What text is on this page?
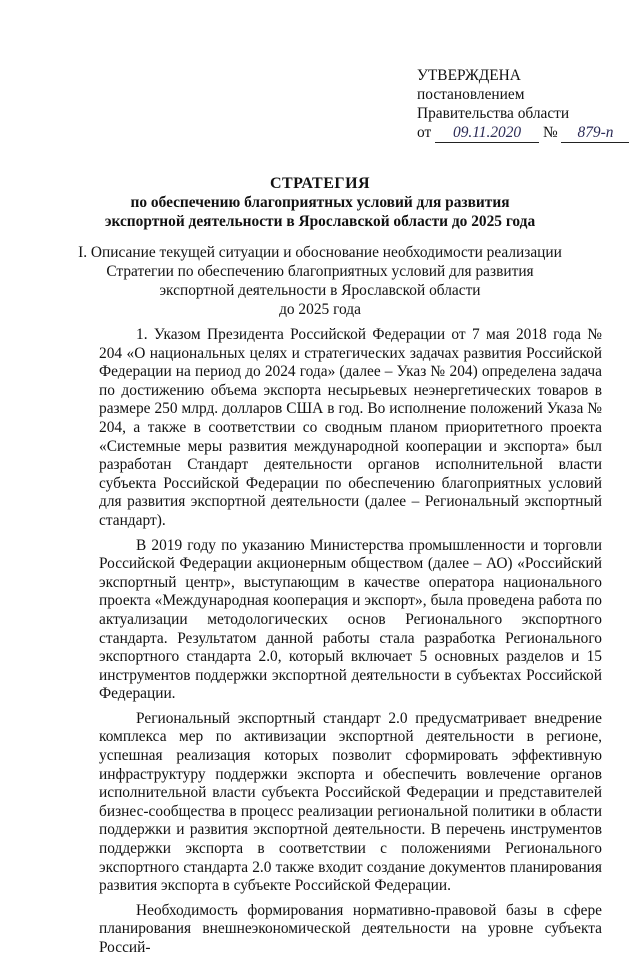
УТВЕРЖДЕНА
постановлением
Правительства области
от 09.11.2020 № 879-п
СТРАТЕГИЯ
по обеспечению благоприятных условий для развития
экспортной деятельности в Ярославской области до 2025 года
I. Описание текущей ситуации и обоснование необходимости реализации
Стратегии по обеспечению благоприятных условий для развития
экспортной деятельности в Ярославской области
до 2025 года

1. Указом Президента Российской Федерации от 7 мая 2018 года № 204 «О национальных целях и стратегических задачах развития Российской Федерации на период до 2024 года» (далее – Указ № 204) определена задача по достижению объема экспорта несырьевых неэнергетических товаров в размере 250 млрд. долларов США в год. Во исполнение положений Указа № 204, а также в соответствии со сводным планом приоритетного проекта «Системные меры развития международной кооперации и экспорта» был разработан Стандарт деятельности органов исполнительной власти субъекта Российской Федерации по обеспечению благоприятных условий для развития экспортной деятельности (далее – Региональный экспортный стандарт).

В 2019 году по указанию Министерства промышленности и торговли Российской Федерации акционерным обществом (далее – АО) «Российский экспортный центр», выступающим в качестве оператора национального проекта «Международная кооперация и экспорт», была проведена работа по актуализации методологических основ Регионального экспортного стандарта. Результатом данной работы стала разработка Регионального экспортного стандарта 2.0, который включает 5 основных разделов и 15 инструментов поддержки экспортной деятельности в субъектах Российской Федерации.

Региональный экспортный стандарт 2.0 предусматривает внедрение комплекса мер по активизации экспортной деятельности в регионе, успешная реализация которых позволит сформировать эффективную инфраструктуру поддержки экспорта и обеспечить вовлечение органов исполнительной власти субъекта Российской Федерации и представителей бизнес-сообщества в процесс реализации региональной политики в области поддержки и развития экспортной деятельности. В перечень инструментов поддержки экспорта в соответствии с положениями Регионального экспортного стандарта 2.0 также входит создание документов планирования развития экспорта в субъекте Российской Федерации.

Необходимость формирования нормативно-правовой базы в сфере планирования внешнеэкономической деятельности на уровне субъекта Россий-
